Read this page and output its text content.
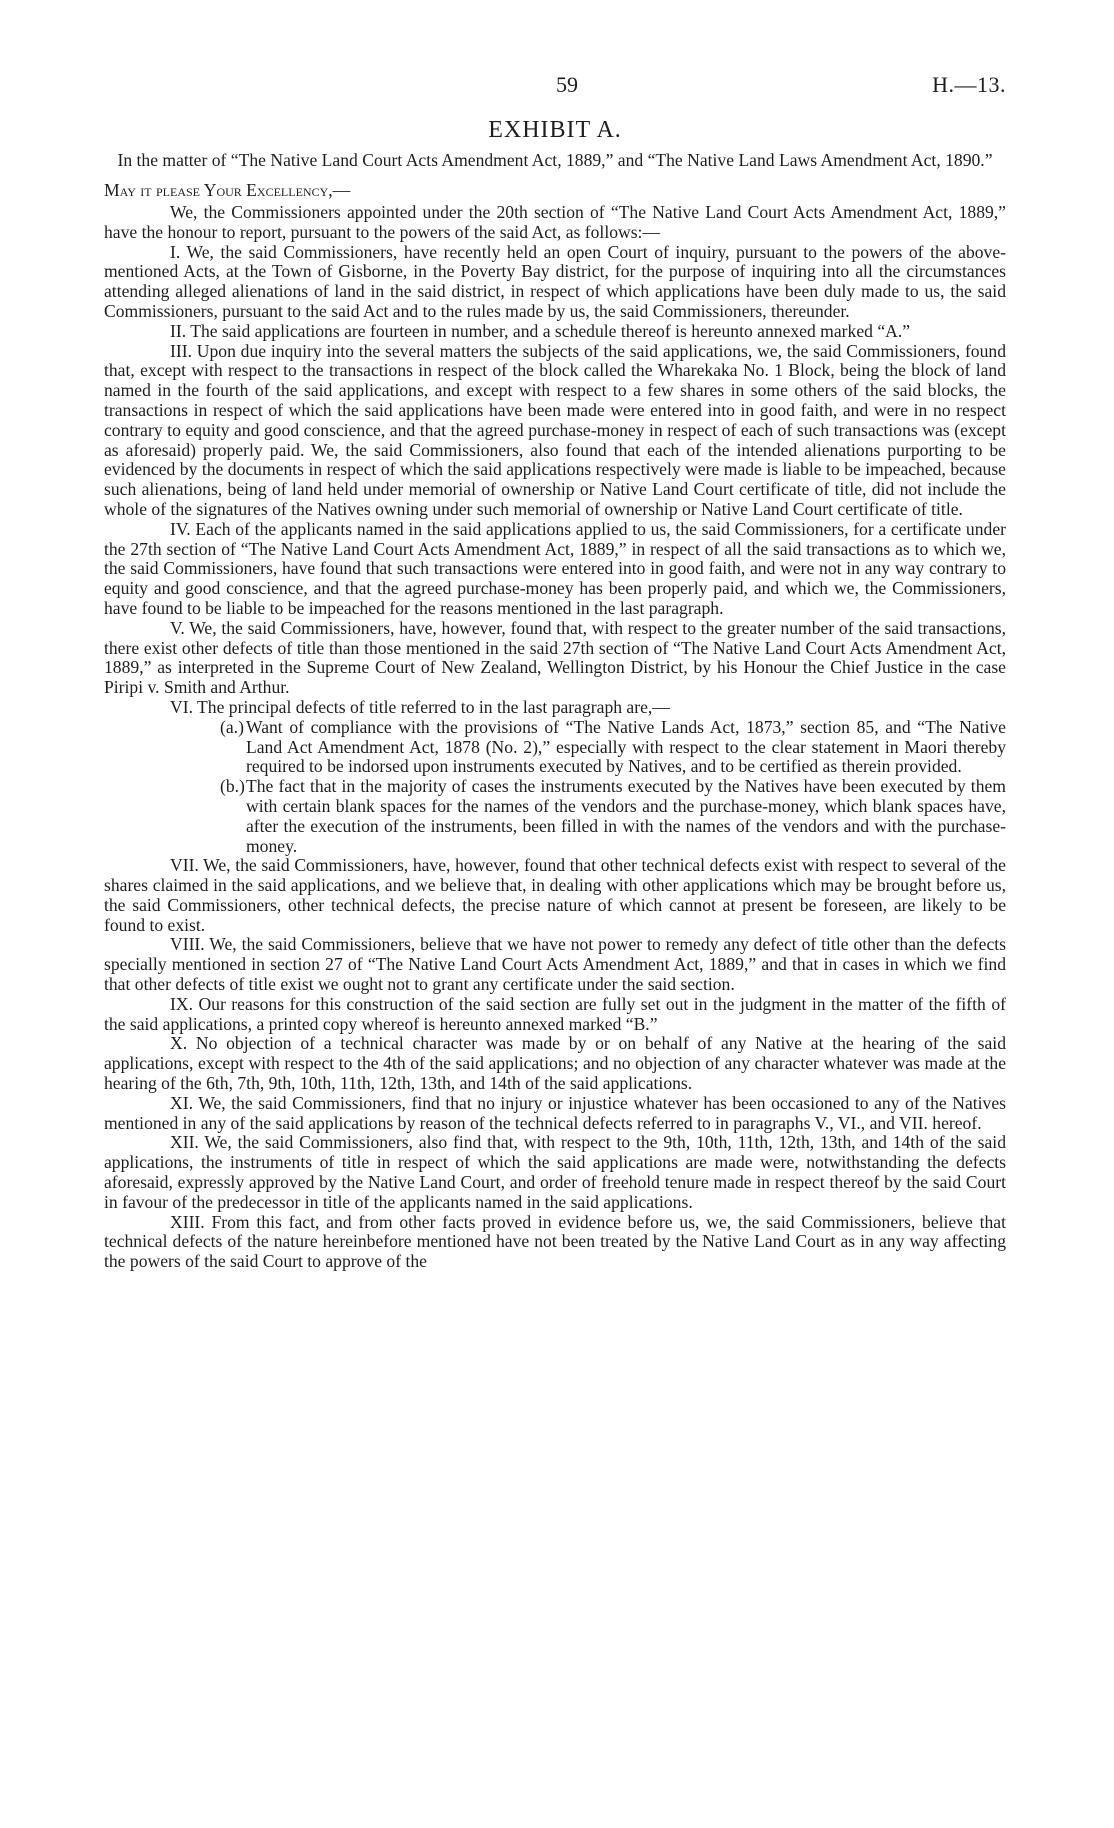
59	H.—13.
EXHIBIT A.
In the matter of “The Native Land Court Acts Amendment Act, 1889,” and “The Native Land Laws Amendment Act, 1890.”
May it please Your Excellency,—

We, the Commissioners appointed under the 20th section of “The Native Land Court Acts Amendment Act, 1889,” have the honour to report, pursuant to the powers of the said Act, as follows:—

I. We, the said Commissioners, have recently held an open Court of inquiry, pursuant to the powers of the above-mentioned Acts, at the Town of Gisborne, in the Poverty Bay district, for the purpose of inquiring into all the circumstances attending alleged alienations of land in the said district, in respect of which applications have been duly made to us, the said Commissioners, pursuant to the said Act and to the rules made by us, the said Commissioners, thereunder.

II. The said applications are fourteen in number, and a schedule thereof is hereunto annexed marked “A.”

III. Upon due inquiry into the several matters the subjects of the said applications, we, the said Commissioners, found that, except with respect to the transactions in respect of the block called the Wharekaka No. 1 Block, being the block of land named in the fourth of the said applications, and except with respect to a few shares in some others of the said blocks, the transactions in respect of which the said applications have been made were entered into in good faith, and were in no respect contrary to equity and good conscience, and that the agreed purchase-money in respect of each of such transactions was (except as aforesaid) properly paid. We, the said Commissioners, also found that each of the intended alienations purporting to be evidenced by the documents in respect of which the said applications respectively were made is liable to be impeached, because such alienations, being of land held under memorial of ownership or Native Land Court certificate of title, did not include the whole of the signatures of the Natives owning under such memorial of ownership or Native Land Court certificate of title.

IV. Each of the applicants named in the said applications applied to us, the said Commissioners, for a certificate under the 27th section of “The Native Land Court Acts Amendment Act, 1889,” in respect of all the said transactions as to which we, the said Commissioners, have found that such transactions were entered into in good faith, and were not in any way contrary to equity and good conscience, and that the agreed purchase-money has been properly paid, and which we, the Commissioners, have found to be liable to be impeached for the reasons mentioned in the last paragraph.

V. We, the said Commissioners, have, however, found that, with respect to the greater number of the said transactions, there exist other defects of title than those mentioned in the said 27th section of “The Native Land Court Acts Amendment Act, 1889,” as interpreted in the Supreme Court of New Zealand, Wellington District, by his Honour the Chief Justice in the case Piripi v. Smith and Arthur.

VI. The principal defects of title referred to in the last paragraph are,—

(a.) Want of compliance with the provisions of “The Native Lands Act, 1873,” section 85, and “The Native Land Act Amendment Act, 1878 (No. 2),” especially with respect to the clear statement in Maori thereby required to be indorsed upon instruments executed by Natives, and to be certified as therein provided.
(b.)The fact that in the majority of cases the instruments executed by the Natives have been executed by them with certain blank spaces for the names of the vendors and the purchase-money, which blank spaces have, after the execution of the instruments, been filled in with the names of the vendors and with the purchase-money.

VII. We, the said Commissioners, have, however, found that other technical defects exist with respect to several of the shares claimed in the said applications, and we believe that, in dealing with other applications which may be brought before us, the said Commissioners, other technical defects, the precise nature of which cannot at present be foreseen, are likely to be found to exist.

VIII. We, the said Commissioners, believe that we have not power to remedy any defect of title other than the defects specially mentioned in section 27 of “The Native Land Court Acts Amendment Act, 1889,” and that in cases in which we find that other defects of title exist we ought not to grant any certificate under the said section.

IX. Our reasons for this construction of the said section are fully set out in the judgment in the matter of the fifth of the said applications, a printed copy whereof is hereunto annexed marked “B.”

X. No objection of a technical character was made by or on behalf of any Native at the hearing of the said applications, except with respect to the 4th of the said applications; and no objection of any character whatever was made at the hearing of the 6th, 7th, 9th, 10th, 11th, 12th, 13th, and 14th of the said applications.

XI. We, the said Commissioners, find that no injury or injustice whatever has been occasioned to any of the Natives mentioned in any of the said applications by reason of the technical defects referred to in paragraphs V., VI., and VII. hereof.

XII. We, the said Commissioners, also find that, with respect to the 9th, 10th, 11th, 12th, 13th, and 14th of the said applications, the instruments of title in respect of which the said applications are made were, notwithstanding the defects aforesaid, expressly approved by the Native Land Court, and order of freehold tenure made in respect thereof by the said Court in favour of the predecessor in title of the applicants named in the said applications.

XIII. From this fact, and from other facts proved in evidence before us, we, the said Commissioners, believe that technical defects of the nature hereinbefore mentioned have not been treated by the Native Land Court as in any way affecting the powers of the said Court to approve of the
